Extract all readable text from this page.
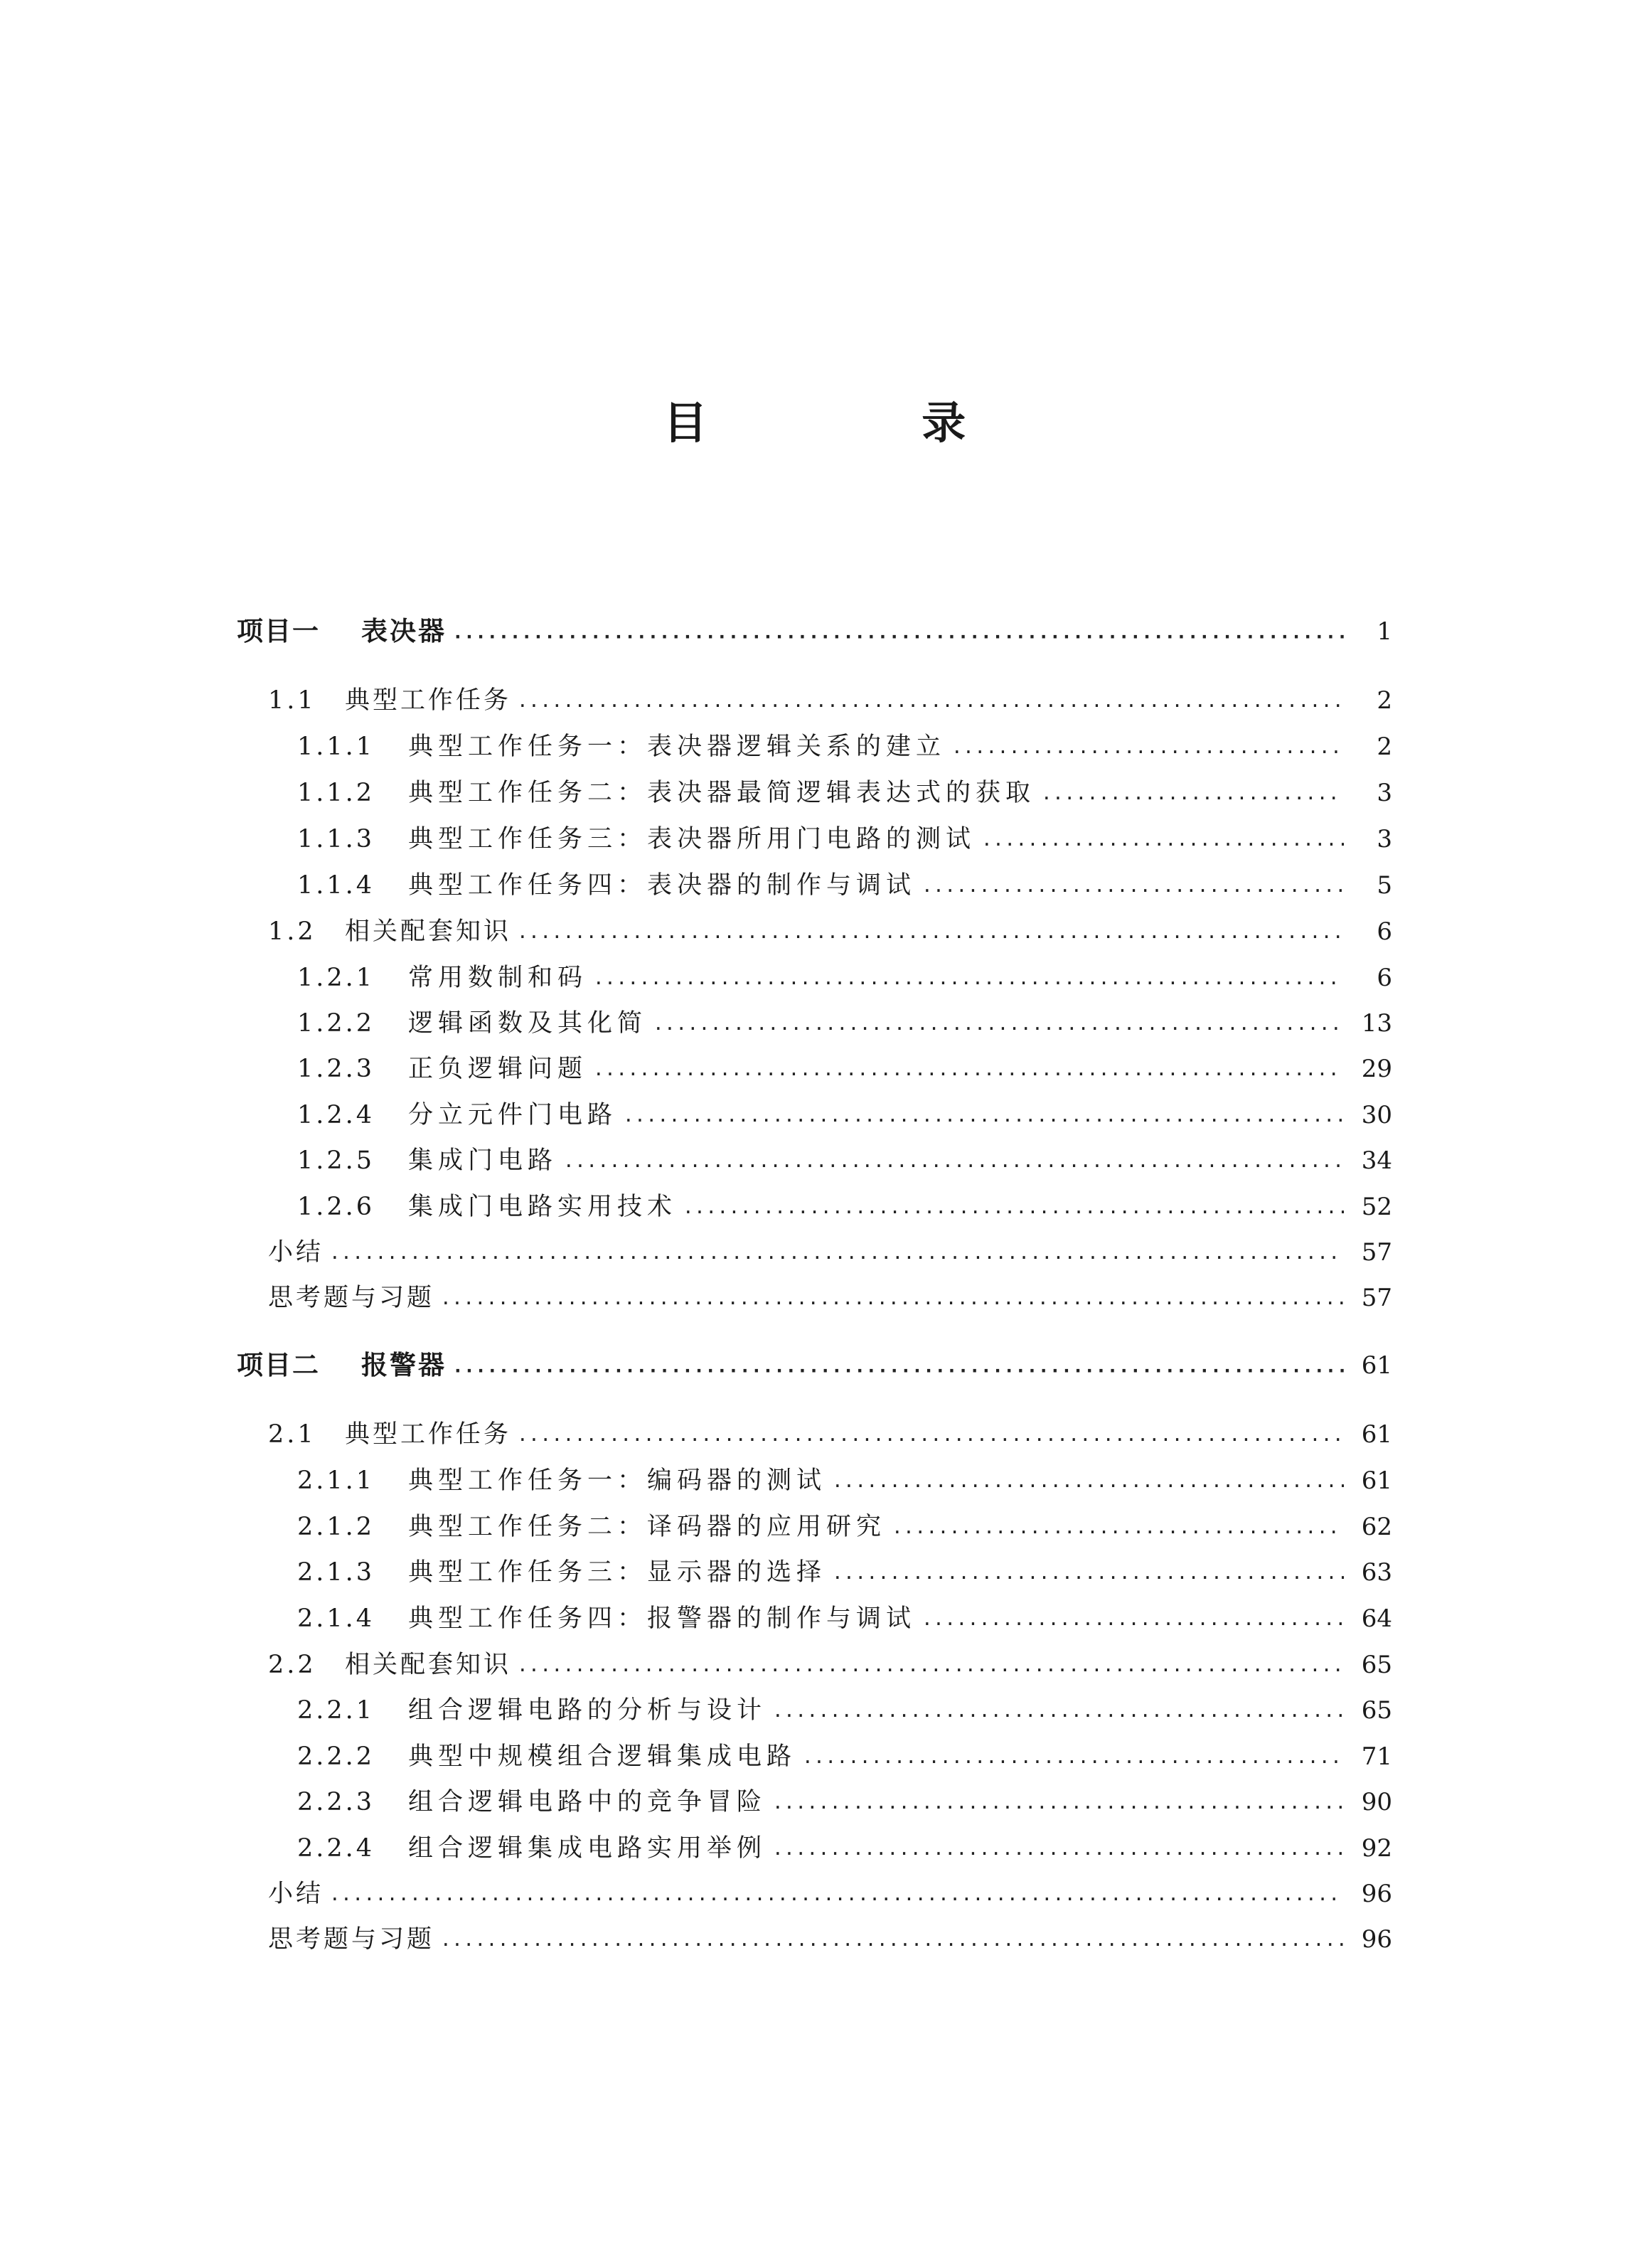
目 录
项目一	表决器 ·····	1
1.1	典型工作任务 ·····	2
1.1.1	典型工作任务一：表决器逻辑关系的建立 ·····	2
1.1.2	典型工作任务二：表决器最简逻辑表达式的获取 ·····	3
1.1.3	典型工作任务三：表决器所用门电路的测试 ·····	3
1.1.4	典型工作任务四：表决器的制作与调试 ·····	5
1.2	相关配套知识 ·····	6
1.2.1	常用数制和码 ·····	6
1.2.2	逻辑函数及其化简 ·····	13
1.2.3	正负逻辑问题 ·····	29
1.2.4	分立元件门电路 ·····	30
1.2.5	集成门电路 ·····	34
1.2.6	集成门电路实用技术 ·····	52
小结 ·····	57
思考题与习题 ·····	57
项目二	报警器 ·····	61
2.1	典型工作任务 ·····	61
2.1.1	典型工作任务一：编码器的测试 ·····	61
2.1.2	典型工作任务二：译码器的应用研究 ·····	62
2.1.3	典型工作任务三：显示器的选择 ·····	63
2.1.4	典型工作任务四：报警器的制作与调试 ·····	64
2.2	相关配套知识 ·····	65
2.2.1	组合逻辑电路的分析与设计 ·····	65
2.2.2	典型中规模组合逻辑集成电路 ·····	71
2.2.3	组合逻辑电路中的竞争冒险 ·····	90
2.2.4	组合逻辑集成电路实用举例 ·····	92
小结 ·····	96
思考题与习题 ·····	96
